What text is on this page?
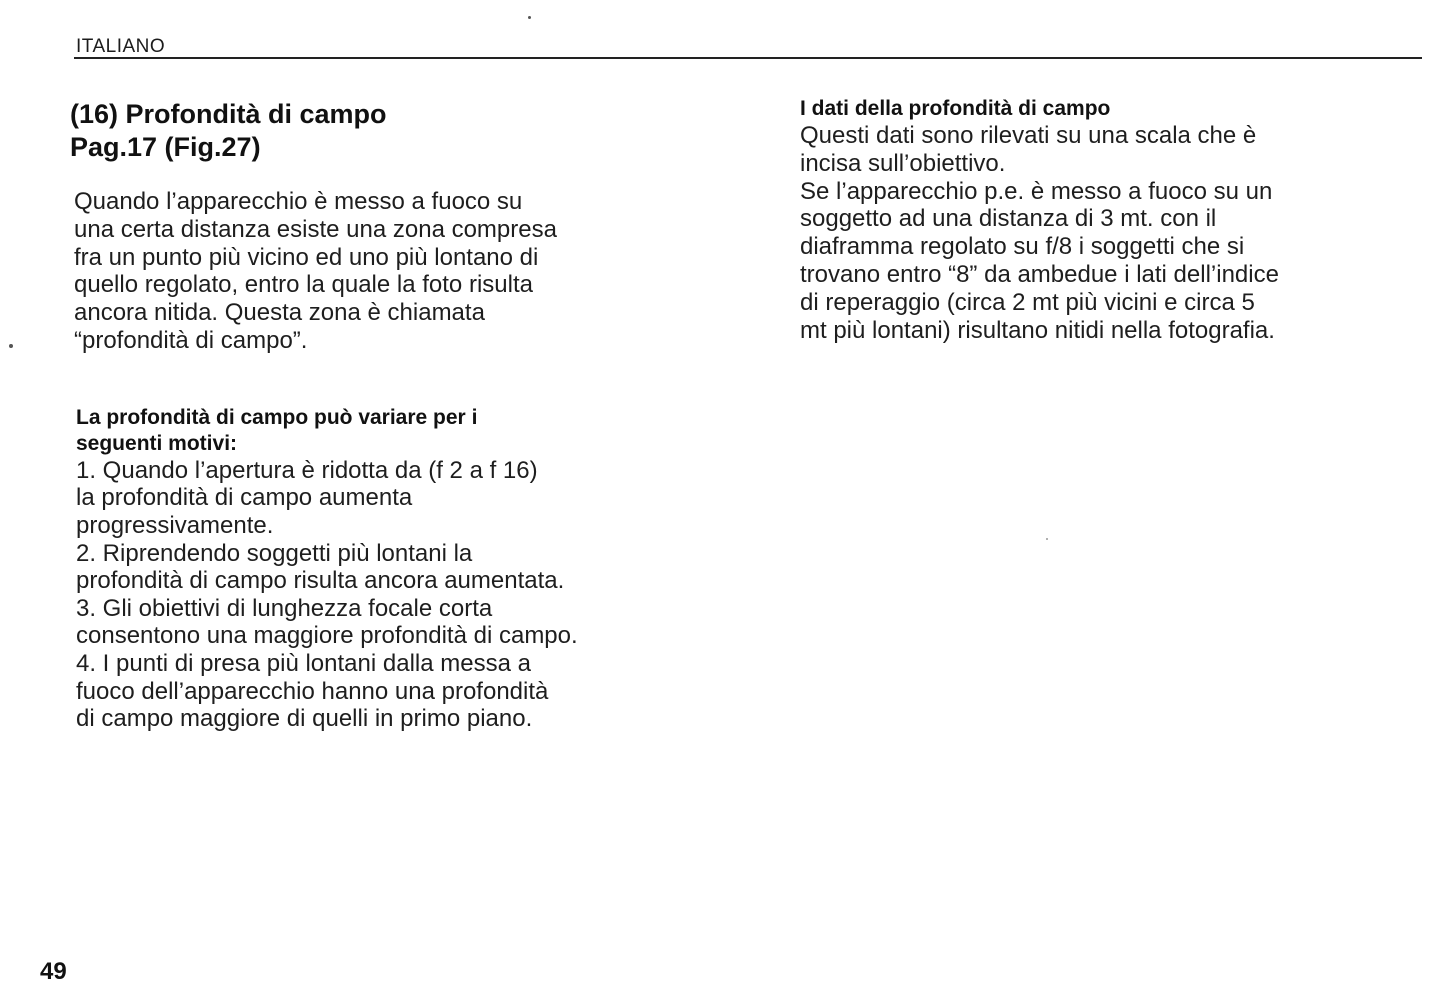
ITALIANO
(16) Profondità di campo
Pag.17 (Fig.27)

Quando l’apparecchio è messo a fuoco su

una certa distanza esiste una zona compresa

fra un punto più vicino ed uno più lontano di

quello regolato, entro la quale la foto risulta

ancora nitida. Questa zona è chiamata

“profondità di campo”.

La profondità di campo può variare per i

seguenti motivi:

1. Quando l’apertura è ridotta da (f 2 a f 16)

la profondità di campo aumenta

progressivamente.

2. Riprendendo soggetti più lontani la

profondità di campo risulta ancora aumentata.

3. Gli obiettivi di lunghezza focale corta

consentono una maggiore profondità di campo.

4. I punti di presa più lontani dalla messa a

fuoco dell’apparecchio hanno una profondità

di campo maggiore di quelli in primo piano.

I dati della profondità di campo

Questi dati sono rilevati su una scala che è

incisa sull’obiettivo.

Se l’apparecchio p.e. è messo a fuoco su un

soggetto ad una distanza di 3 mt. con il

diaframma regolato su f/8 i soggetti che si

trovano entro “8” da ambedue i lati dell’indice

di reperaggio (circa 2 mt più vicini e circa 5

mt più lontani) risultano nitidi nella fotografia.

49
